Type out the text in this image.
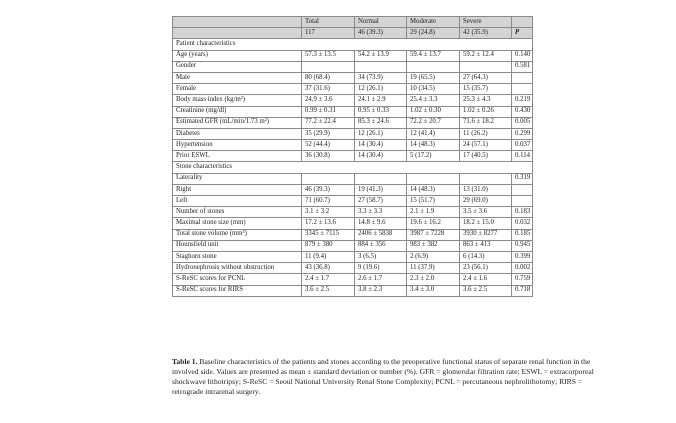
	Total	Normal	Moderate	Severe	
	117	46 (39.3)	29 (24.8)	42 (35.9)	P
Patient characteristics					
Age (years)	57.3 ± 13.5	54.2 ± 13.9	59.4 ± 13.7	59.2 ± 12.4	0.140
Gender					0.581
Male	80 (68.4)	34 (73.9)	19 (65.5)	27 (64.3)	
Female	37 (31.6)	12 (26.1)	10 (34.5)	15 (35.7)	
Body mass index (kg/m²)	24.9 ± 3.6	24.1 ± 2.9	25.4 ± 3.3	25.3 ± 4.3	0.219
Creatinine (mg/dl)	0.99 ± 0.31	0.95 ± 0.33	1.02 ± 0.30	1.02 ± 0.26	0.430
Estimated GFR (mL/min/1.73 m²)	77.2 ± 22.4	85.3 ± 24.6	72.2 ± 20.7	71.6 ± 18.2	0.005
Diabetes	35 (29.9)	12 (26.1)	12 (41.4)	11 (26.2)	0.299
Hypertension	52 (44.4)	14 (30.4)	14 (48.3)	24 (57.1)	0.037
Prior ESWL	36 (30.8)	14 (30.4)	5 (17.2)	17 (40.5)	0.114
Stone characteristics					
Laterality					0.319
Right	46 (39.3)	19 (41.3)	14 (48.3)	13 (31.0)	
Left	71 (60.7)	27 (58.7)	15 (51.7)	29 (69.0)	
Number of stones	3.1 ± 3.2	3.3 ± 3.3	2.1 ± 1.9	3.5 ± 3.6	0.183
Maximal stone size (mm)	17.2 ± 13.6	14.8 ± 9.6	19.6 ± 16.2	18.2 ± 15.0	0.032
Total stone volume (mm³)	3345 ± 7115	2406 ± 5838	3987 ± 7228	3930 ± 8277	0.185
Hounsfield unit	879 ± 380	884 ± 356	983 ± 382	863 ± 413	0.945
Staghorn stone	11 (9.4)	3 (6.5)	2 (6.9)	6 (14.3)	0.399
Hydronephrosis without obstruction	43 (36.8)	9 (19.6)	11 (37.9)	23 (56.1)	0.002
S-ReSC scores for PCNL	2.4 ± 1.7	2.6 ± 1.7	2.3 ± 2.0	2.4 ± 1.6	0.759
S-ReSC scores for RIRS	3.6 ± 2.5	3.8 ± 2.3	3.4 ± 3.0	3.6 ± 2.5	0.718
Table 1. Baseline characteristics of the patients and stones according to the preoperative functional status of separate renal function in the involved side. Values are presented as mean ± standard deviation or number (%). GFR = glomerular filtration rate; ESWL = extracorporeal shockwave lithotripsy; S-ReSC = Seoul National University Renal Stone Complexity; PCNL = percutaneous nephrolithotomy; RIRS = retrograde intrarenal surgery.
